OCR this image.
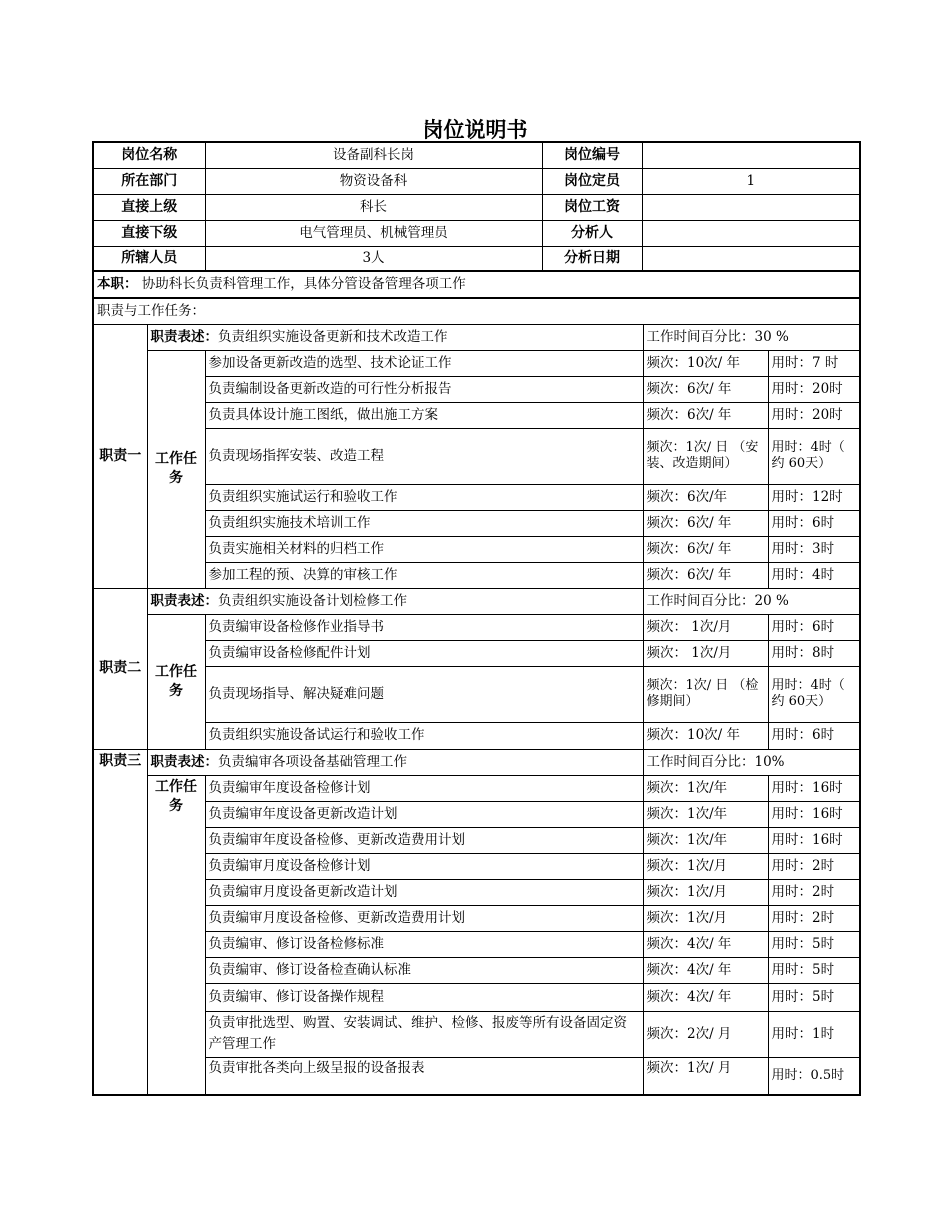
岗位说明书
岗位名称	设备副科长岗	岗位编号	
所在部门	物资设备科	岗位定员	1
直接上级	科长	岗位工资	
直接下级	电气管理员、机械管理员	分析人	
所辖人员	3人	分析日期	
本职： 协助科长负责科管理工作，具体分管设备管理各项工作				
职责与工作任务：				
职责一	职责表述：负责组织实施设备更新和技术改造工作		工作时间百分比：30 %	
	工作任务	参加设备更新改造的选型、技术论证工作	频次：10次/ 年	用时：7 时
		负责编制设备更新改造的可行性分析报告	频次：6次/ 年	用时：20时
		负责具体设计施工图纸，做出施工方案	频次：6次/ 年	用时：20时
		负责现场指挥安装、改造工程	频次：1次/ 日 （安装、改造期间）	用时：4时（ 约 60天）
		负责组织实施试运行和验收工作	频次：6次/年	用时：12时
		负责组织实施技术培训工作	频次：6次/ 年	用时：6时
		负责实施相关材料的归档工作	频次：6次/ 年	用时：3时
		参加工程的预、决算的审核工作	频次：6次/ 年	用时：4时
职责二	职责表述：负责组织实施设备计划检修工作		工作时间百分比：20 %	
	工作任务	负责编审设备检修作业指导书	频次： 1次/月	用时：6时
		负责编审设备检修配件计划	频次： 1次/月	用时：8时
		负责现场指导、解决疑难问题	频次：1次/ 日 （检修期间）	用时：4时（ 约 60天）
		负责组织实施设备试运行和验收工作	频次：10次/ 年	用时：6时
职责三	职责表述：负责编审各项设备基础管理工作		工作时间百分比：10%	
	工作任务	负责编审年度设备检修计划	频次：1次/年	用时：16时
		负责编审年度设备更新改造计划	频次：1次/年	用时：16时
		负责编审年度设备检修、更新改造费用计划	频次：1次/年	用时：16时
		负责编审月度设备检修计划	频次：1次/月	用时：2时
		负责编审月度设备更新改造计划	频次：1次/月	用时：2时
		负责编审月度设备检修、更新改造费用计划	频次：1次/月	用时：2时
		负责编审、修订设备检修标准	频次：4次/ 年	用时：5时
		负责编审、修订设备检查确认标准	频次：4次/ 年	用时：5时
		负责编审、修订设备操作规程	频次：4次/ 年	用时：5时
		负责审批选型、购置、安装调试、维护、检修、报废等所有设备固定资产管理工作	频次：2次/ 月	用时：1时
		负责审批各类向上级呈报的设备报表	频次：1次/ 月	用时：0.5时
